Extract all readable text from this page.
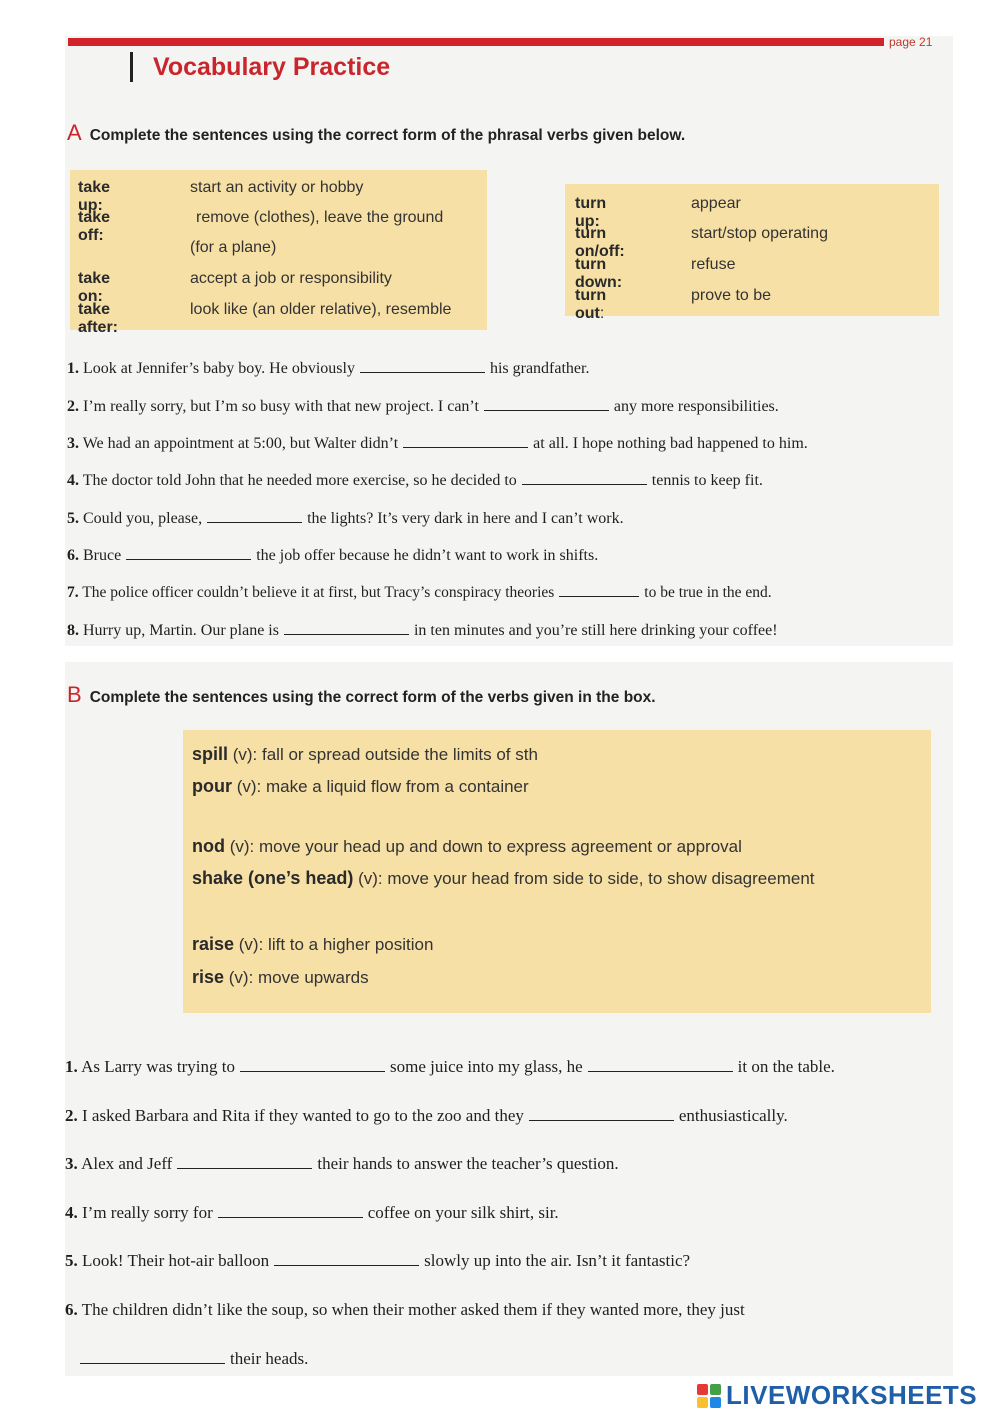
page 21
Vocabulary Practice
A Complete the sentences using the correct form of the phrasal verbs given below.
take up:
start an activity or hobby
take off:
remove (clothes), leave the ground
(for a plane)
take on:
accept a job or responsibility
take after:
look like (an older relative), resemble
turn up:
appear
turn on/off:
start/stop operating
turn down:
refuse
turn out:
prove to be
1. Look at Jennifer’s baby boy. He obviously	his grandfather.
2. I’m really sorry, but I’m so busy with that new project. I can’t	any more responsibilities.
3. We had an appointment at 5:00, but Walter didn’t	at all. I hope nothing bad happened to him.
4. The doctor told John that he needed more exercise, so he decided to	tennis to keep fit.
5. Could you, please,	the lights? It’s very dark in here and I can’t work.
6. Bruce	the job offer because he didn’t want to work in shifts.
7. The police officer couldn’t believe it at first, but Tracy’s conspiracy theories	to be true in the end.
8. Hurry up, Martin. Our plane is	in ten minutes and you’re still here drinking your coffee!
B Complete the sentences using the correct form of the verbs given in the box.
spill (v): fall or spread outside the limits of sth
pour (v): make a liquid flow from a container
nod (v): move your head up and down to express agreement or approval
shake (one’s head) (v): move your head from side to side, to show disagreement
raise (v): lift to a higher position
rise (v): move upwards
1. As Larry was trying to	some juice into my glass, he	it on the table.
2. I asked Barbara and Rita if they wanted to go to the zoo and they	enthusiastically.
3. Alex and Jeff	their hands to answer the teacher’s question.
4. I’m really sorry for	coffee on your silk shirt, sir.
5. Look! Their hot-air balloon	slowly up into the air. Isn’t it fantastic?
6. The children didn’t like the soup, so when their mother asked them if they wanted more, they just
their heads.
LIVEWORKSHEETS
